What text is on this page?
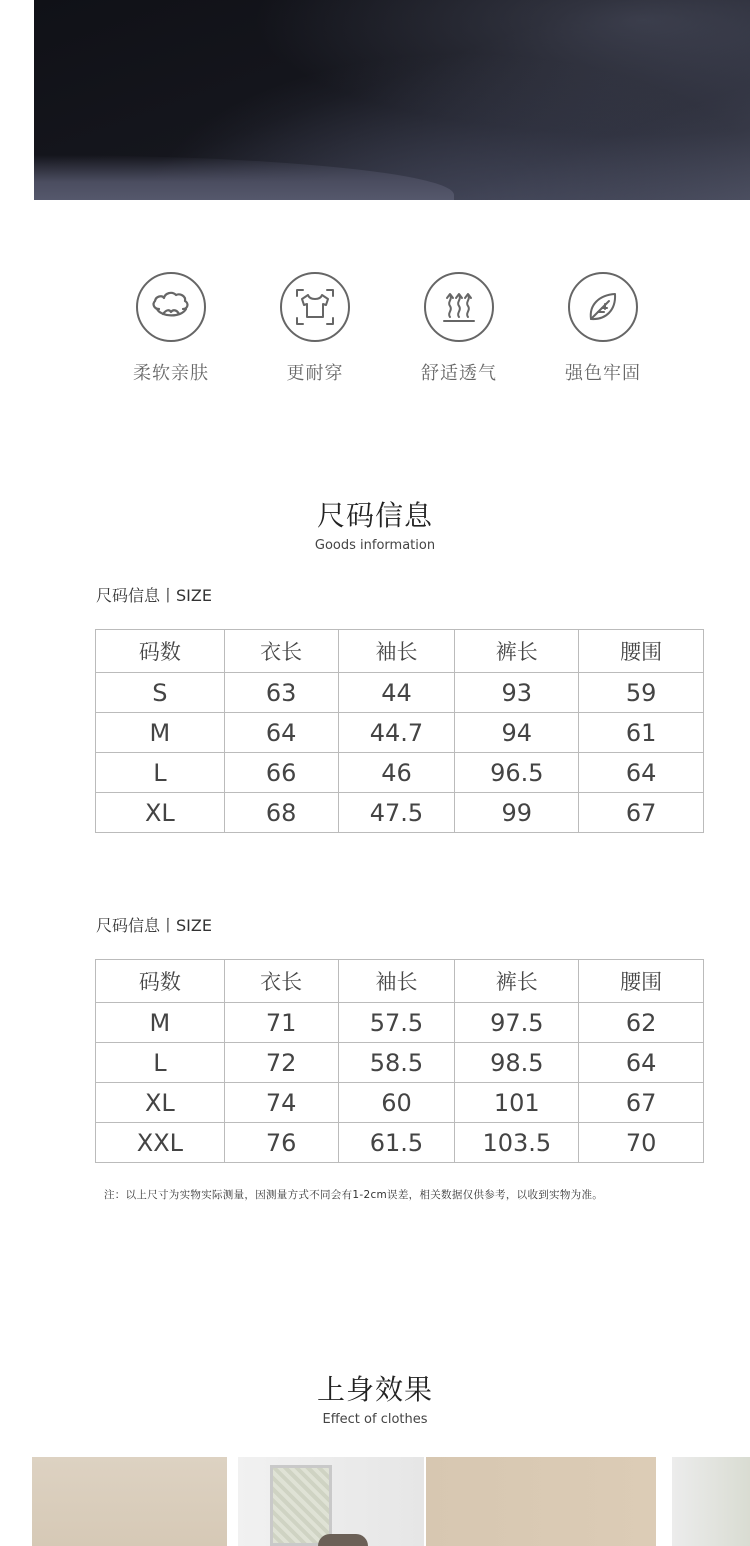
柔软亲肤	更耐穿	舒适透气	强色牢固
尺码信息
Goods information
尺码信息丨SIZE
码数	衣长	袖长	裤长	腰围
S	63	44	93	59
M	64	44.7	94	61
L	66	46	96.5	64
XL	68	47.5	99	67
尺码信息丨SIZE
码数	衣长	袖长	裤长	腰围
M	71	57.5	97.5	62
L	72	58.5	98.5	64
XL	74	60	101	67
XXL	76	61.5	103.5	70
注：以上尺寸为实物实际测量，因测量方式不同会有1-2cm误差，相关数据仅供参考，以收到实物为准。
上身效果
Effect of clothes
